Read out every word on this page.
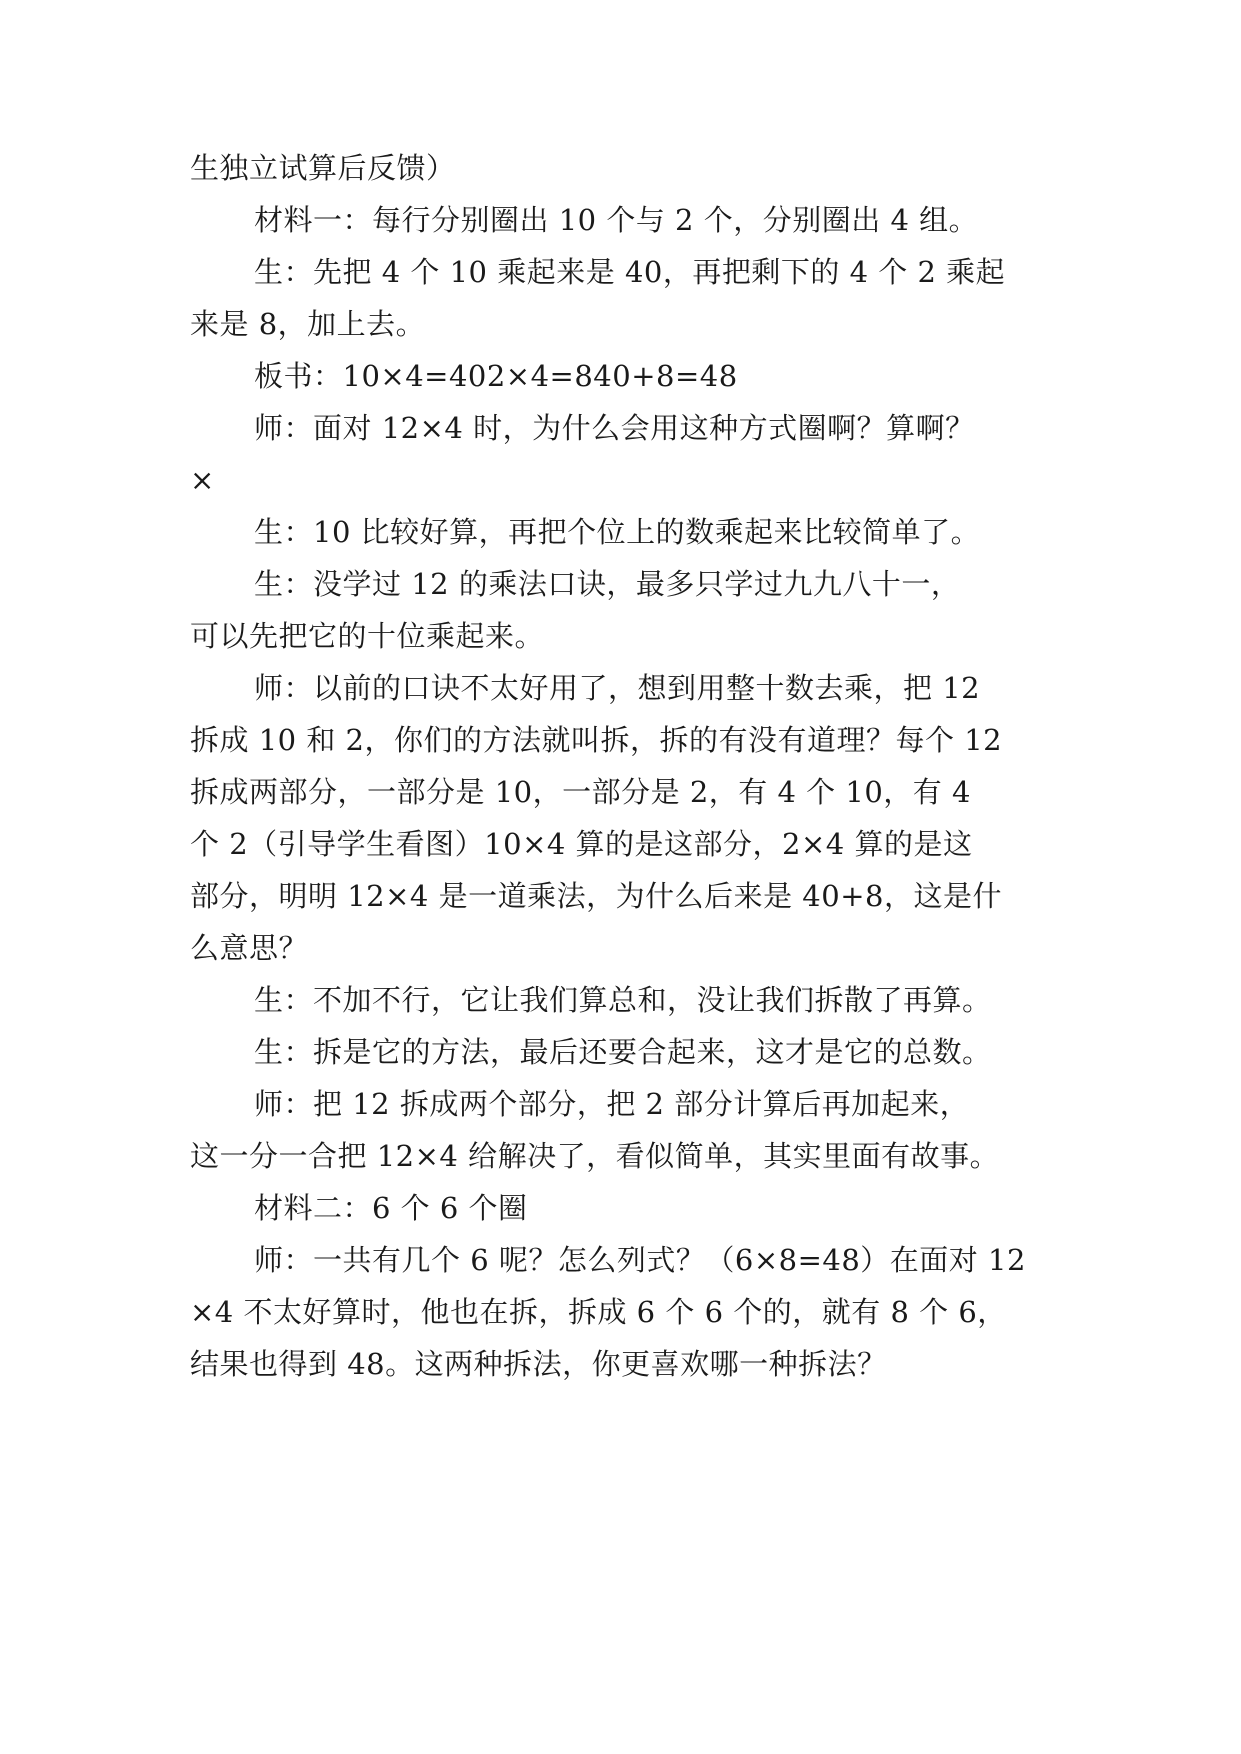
生独立试算后反馈）
材料一：每行分别圈出 10 个与 2 个，分别圈出 4 组。
生：先把 4 个 10 乘起来是 40，再把剩下的 4 个 2 乘起
来是 8，加上去。
板书：10×4=402×4=840+8=48
师：面对 12×4 时，为什么会用这种方式圈啊？算啊？
×
生：10 比较好算，再把个位上的数乘起来比较简单了。
生：没学过 12 的乘法口诀，最多只学过九九八十一，
可以先把它的十位乘起来。
师：以前的口诀不太好用了，想到用整十数去乘，把 12
拆成 10 和 2，你们的方法就叫拆，拆的有没有道理？每个 12
拆成两部分，一部分是 10，一部分是 2，有 4 个 10，有 4
个 2（引导学生看图）10×4 算的是这部分，2×4 算的是这
部分，明明 12×4 是一道乘法，为什么后来是 40+8，这是什
么意思？
生：不加不行，它让我们算总和，没让我们拆散了再算。
生：拆是它的方法，最后还要合起来，这才是它的总数。
师：把 12 拆成两个部分，把 2 部分计算后再加起来，
这一分一合把 12×4 给解决了，看似简单，其实里面有故事。
材料二：6 个 6 个圈
师：一共有几个 6 呢？怎么列式？（6×8=48）在面对 12
×4 不太好算时，他也在拆，拆成 6 个 6 个的，就有 8 个 6，
结果也得到 48。这两种拆法，你更喜欢哪一种拆法？
